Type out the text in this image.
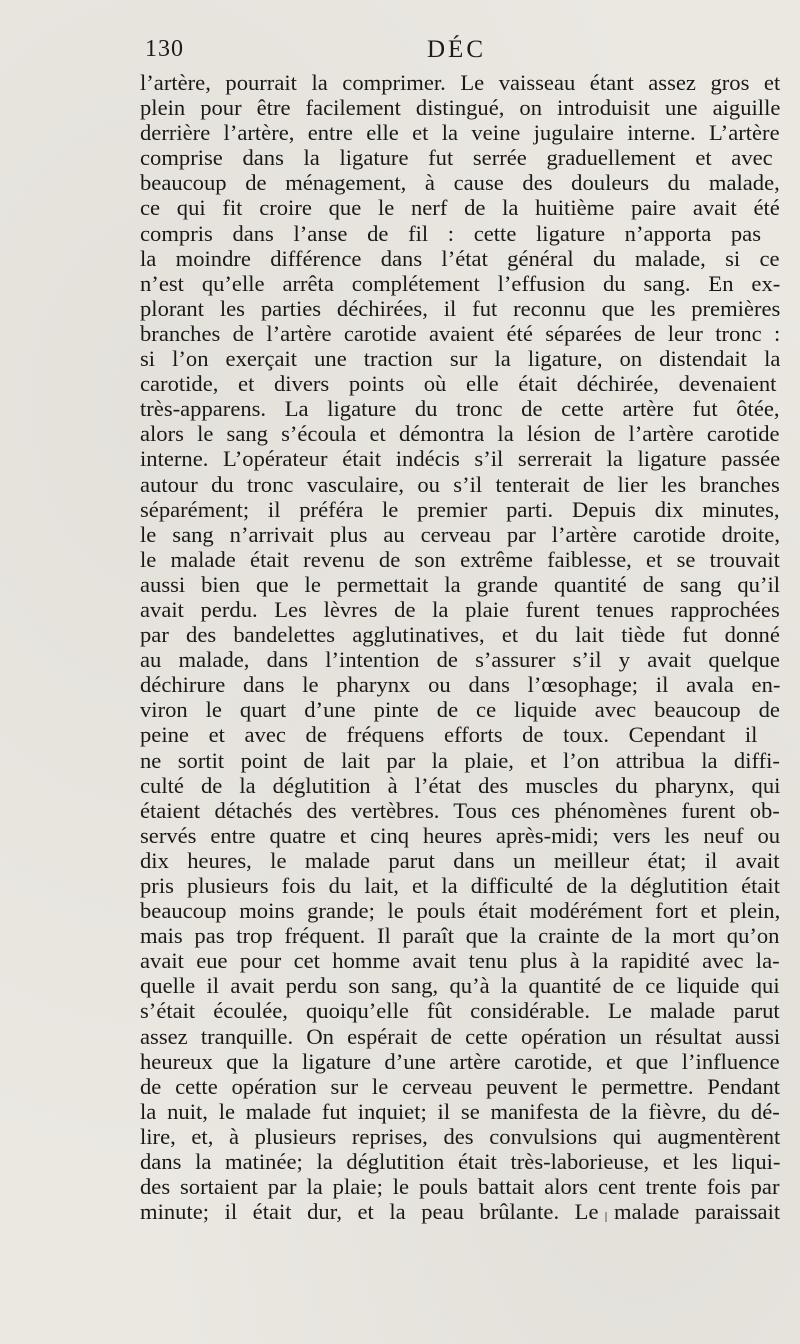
130	DÉC
l’artère, pourrait la comprimer. Le vaisseau étant assez gros et
plein pour être facilement distingué, on introduisit une aiguille
derrière l’artère, entre elle et la veine jugulaire interne. L’artère
comprise dans la ligature fut serrée graduellement et avec
beaucoup de ménagement, à cause des douleurs du malade,
ce qui fit croire que le nerf de la huitième paire avait été
compris dans l’anse de fil : cette ligature n’apporta pas
la moindre différence dans l’état général du malade, si ce
n’est qu’elle arrêta complétement l’effusion du sang. En ex-
plorant les parties déchirées, il fut reconnu que les premières
branches de l’artère carotide avaient été séparées de leur tronc :
si l’on exerçait une traction sur la ligature, on distendait la
carotide, et divers points où elle était déchirée, devenaient
très-apparens. La ligature du tronc de cette artère fut ôtée,
alors le sang s’écoula et démontra la lésion de l’artère carotide
interne. L’opérateur était indécis s’il serrerait la ligature passée
autour du tronc vasculaire, ou s’il tenterait de lier les branches
séparément; il préféra le premier parti. Depuis dix minutes,
le sang n’arrivait plus au cerveau par l’artère carotide droite,
le malade était revenu de son extrême faiblesse, et se trouvait
aussi bien que le permettait la grande quantité de sang qu’il
avait perdu. Les lèvres de la plaie furent tenues rapprochées
par des bandelettes agglutinatives, et du lait tiède fut donné
au malade, dans l’intention de s’assurer s’il y avait quelque
déchirure dans le pharynx ou dans l’œsophage; il avala en-
viron le quart d’une pinte de ce liquide avec beaucoup de
peine et avec de fréquens efforts de toux. Cependant il
ne sortit point de lait par la plaie, et l’on attribua la diffi-
culté de la déglutition à l’état des muscles du pharynx, qui
étaient détachés des vertèbres. Tous ces phénomènes furent ob-
servés entre quatre et cinq heures après-midi; vers les neuf ou
dix heures, le malade parut dans un meilleur état; il avait
pris plusieurs fois du lait, et la difficulté de la déglutition était
beaucoup moins grande; le pouls était modérément fort et plein,
mais pas trop fréquent. Il paraît que la crainte de la mort qu’on
avait eue pour cet homme avait tenu plus à la rapidité avec la-
quelle il avait perdu son sang, qu’à la quantité de ce liquide qui
s’était écoulée, quoiqu’elle fût considérable. Le malade parut
assez tranquille. On espérait de cette opération un résultat aussi
heureux que la ligature d’une artère carotide, et que l’influence
de cette opération sur le cerveau peuvent le permettre. Pendant
la nuit, le malade fut inquiet; il se manifesta de la fièvre, du dé-
lire, et, à plusieurs reprises, des convulsions qui augmentèrent
dans la matinée; la déglutition était très-laborieuse, et les liqui-
des sortaient par la plaie; le pouls battait alors cent trente fois par
minute; il était dur, et la peau brûlante. Le malade paraissait
